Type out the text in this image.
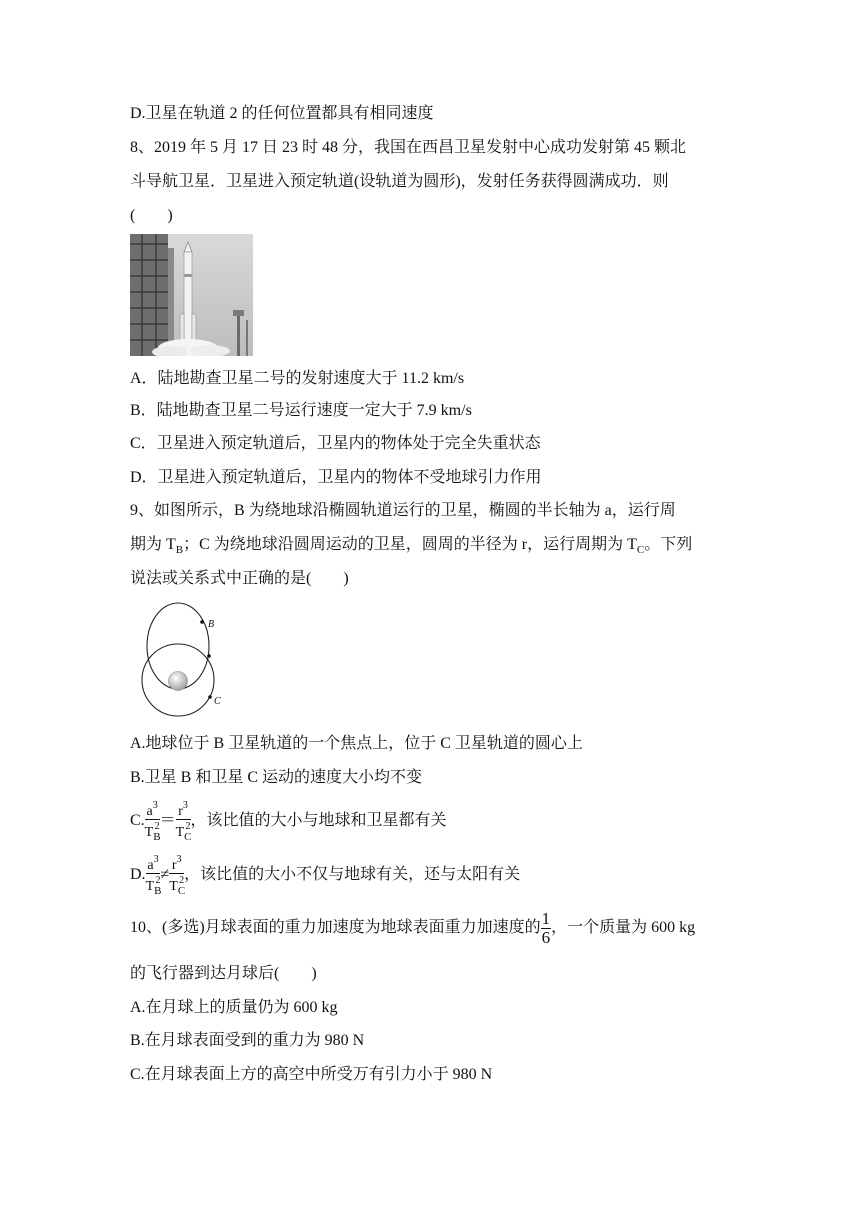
D.卫星在轨道 2 的任何位置都具有相同速度
8、2019 年 5 月 17 日 23 时 48 分，我国在西昌卫星发射中心成功发射第 45 颗北
斗导航卫星．卫星进入预定轨道(设轨道为圆形)，发射任务获得圆满成功．则
(　　)
A．陆地勘查卫星二号的发射速度大于 11.2 km/s
B．陆地勘查卫星二号运行速度一定大于 7.9 km/s
C．卫星进入预定轨道后，卫星内的物体处于完全失重状态
D．卫星进入预定轨道后，卫星内的物体不受地球引力作用
9、如图所示，B 为绕地球沿椭圆轨道运行的卫星，椭圆的半长轴为 a，运行周
期为 $T_B$；C 为绕地球沿圆周运动的卫星，圆周的半径为 r，运行周期为 $T_C$。下列
说法或关系式中正确的是(　　)
B
C
A.地球位于 B 卫星轨道的一个焦点上，位于 C 卫星轨道的圆心上
B.卫星 B 和卫星 C 运动的速度大小均不变
C. $\frac{a^3}{T_B^2} = \frac{r^3}{T_C^2}$ ，该比值的大小与地球和卫星都有关
D. $\frac{a^3}{T_B^2} \ne \frac{r^3}{T_C^2}$ ，该比值的大小不仅与地球有关，还与太阳有关
10、(多选)月球表面的重力加速度为地球表面重力加速度的 $\frac{1}{6}$ ，一个质量为 600 kg
的飞行器到达月球后(　　)
A.在月球上的质量仍为 600 kg
B.在月球表面受到的重力为 980 N
C.在月球表面上方的高空中所受万有引力小于 980 N
